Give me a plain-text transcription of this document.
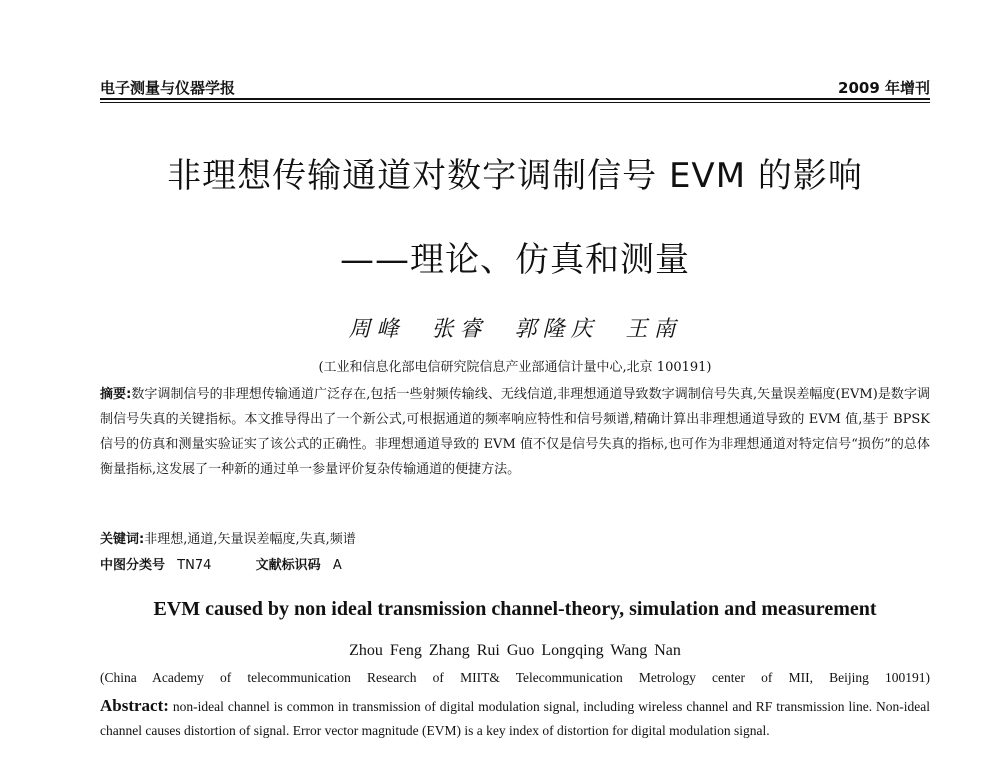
电子测量与仪器学报	2009 年增刊
非理想传输通道对数字调制信号 EVM 的影响
——理论、仿真和测量
周峰 张睿 郭隆庆 王南
(工业和信息化部电信研究院信息产业部通信计量中心,北京 100191)
摘要:数字调制信号的非理想传输通道广泛存在,包括一些射频传输线、无线信道,非理想通道导致数字调制信号失真,矢量误差幅度(EVM)是数字调制信号失真的关键指标。本文推导得出了一个新公式,可根据通道的频率响应特性和信号频谱,精确计算出非理想通道导致的 EVM 值,基于 BPSK 信号的仿真和测量实验证实了该公式的正确性。非理想通道导致的 EVM 值不仅是信号失真的指标,也可作为非理想通道对特定信号“损伤”的总体衡量指标,这发展了一种新的通过单一参量评价复杂传输通道的便捷方法。
关键词:非理想,通道,矢量误差幅度,失真,频谱
中图分类号 TN74	文献标识码 A
EVM caused by non ideal transmission channel-theory, simulation and measurement
Zhou Feng Zhang Rui Guo Longqing Wang Nan
(China Academy of telecommunication Research of MIIT& Telecommunication Metrology center of MII, Beijing 100191)
Abstract: non-ideal channel is common in transmission of digital modulation signal, including wireless channel and RF transmission line. Non-ideal channel causes distortion of signal. Error vector magnitude (EVM) is a key index of distortion for digital modulation signal.
